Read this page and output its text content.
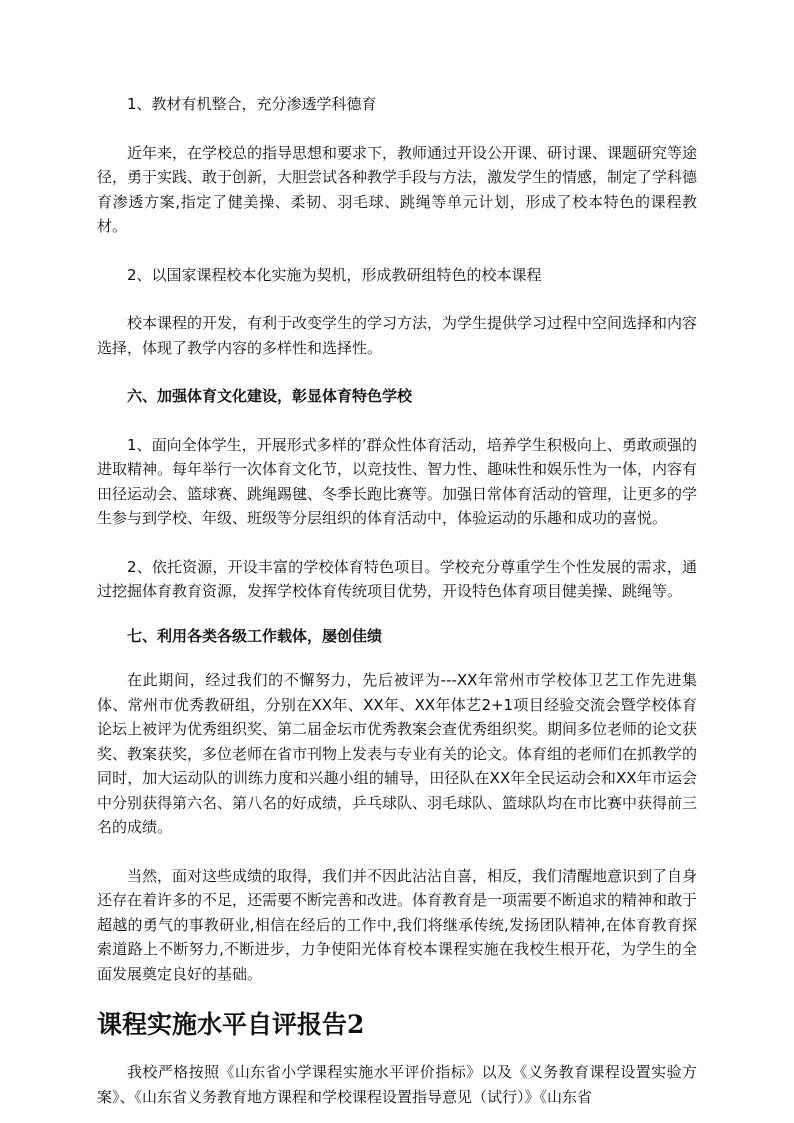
1、教材有机整合，充分渗透学科德育

近年来，在学校总的指导思想和要求下，教师通过开设公开课、研讨课、课题研究等途径，勇于实践、敢于创新，大胆尝试各种教学手段与方法，激发学生的情感，制定了学科德育渗透方案,指定了健美操、柔韧、羽毛球、跳绳等单元计划，形成了校本特色的课程教材。

2、以国家课程校本化实施为契机，形成教研组特色的校本课程

校本课程的开发，有利于改变学生的学习方法，为学生提供学习过程中空间选择和内容选择，体现了教学内容的多样性和选择性。

六、加强体育文化建设，彰显体育特色学校

1、面向全体学生，开展形式多样的’群众性体育活动，培养学生积极向上、勇敢顽强的进取精神。每年举行一次体育文化节，以竞技性、智力性、趣味性和娱乐性为一体，内容有田径运动会、篮球赛、跳绳踢毽、冬季长跑比赛等。加强日常体育活动的管理，让更多的学生参与到学校、年级、班级等分层组织的体育活动中，体验运动的乐趣和成功的喜悦。

2、依托资源，开设丰富的学校体育特色项目。学校充分尊重学生个性发展的需求，通过挖掘体育教育资源，发挥学校体育传统项目优势，开设特色体育项目健美操、跳绳等。

七、利用各类各级工作载体，屡创佳绩

在此期间，经过我们的不懈努力，先后被评为---XX年常州市学校体卫艺工作先进集体、常州市优秀教研组，分别在XX年、XX年、XX年体艺2+1项目经验交流会暨学校体育论坛上被评为优秀组织奖、第二届金坛市优秀教案会查优秀组织奖。期间多位老师的论文获奖、教案获奖，多位老师在省市刊物上发表与专业有关的论文。体育组的老师们在抓教学的同时，加大运动队的训练力度和兴趣小组的辅导，田径队在XX年全民运动会和XX年市运会中分别获得第六名、第八名的好成绩，乒乓球队、羽毛球队、篮球队均在市比赛中获得前三名的成绩。

当然，面对这些成绩的取得，我们并不因此沾沾自喜，相反，我们清醒地意识到了自身还存在着许多的不足，还需要不断完善和改进。体育教育是一项需要不断追求的精神和敢于超越的勇气的事教研业,相信在经后的工作中,我们将继承传统,发扬团队精神,在体育教育探索道路上不断努力,不断进步，力争使阳光体育校本课程实施在我校生根开花，为学生的全面发展奠定良好的基础。

课程实施水平自评报告2

我校严格按照《山东省小学课程实施水平评价指标》以及《义务教育课程设置实验方案》、《山东省义务教育地方课程和学校课程设置指导意见（试行）》《山东省
